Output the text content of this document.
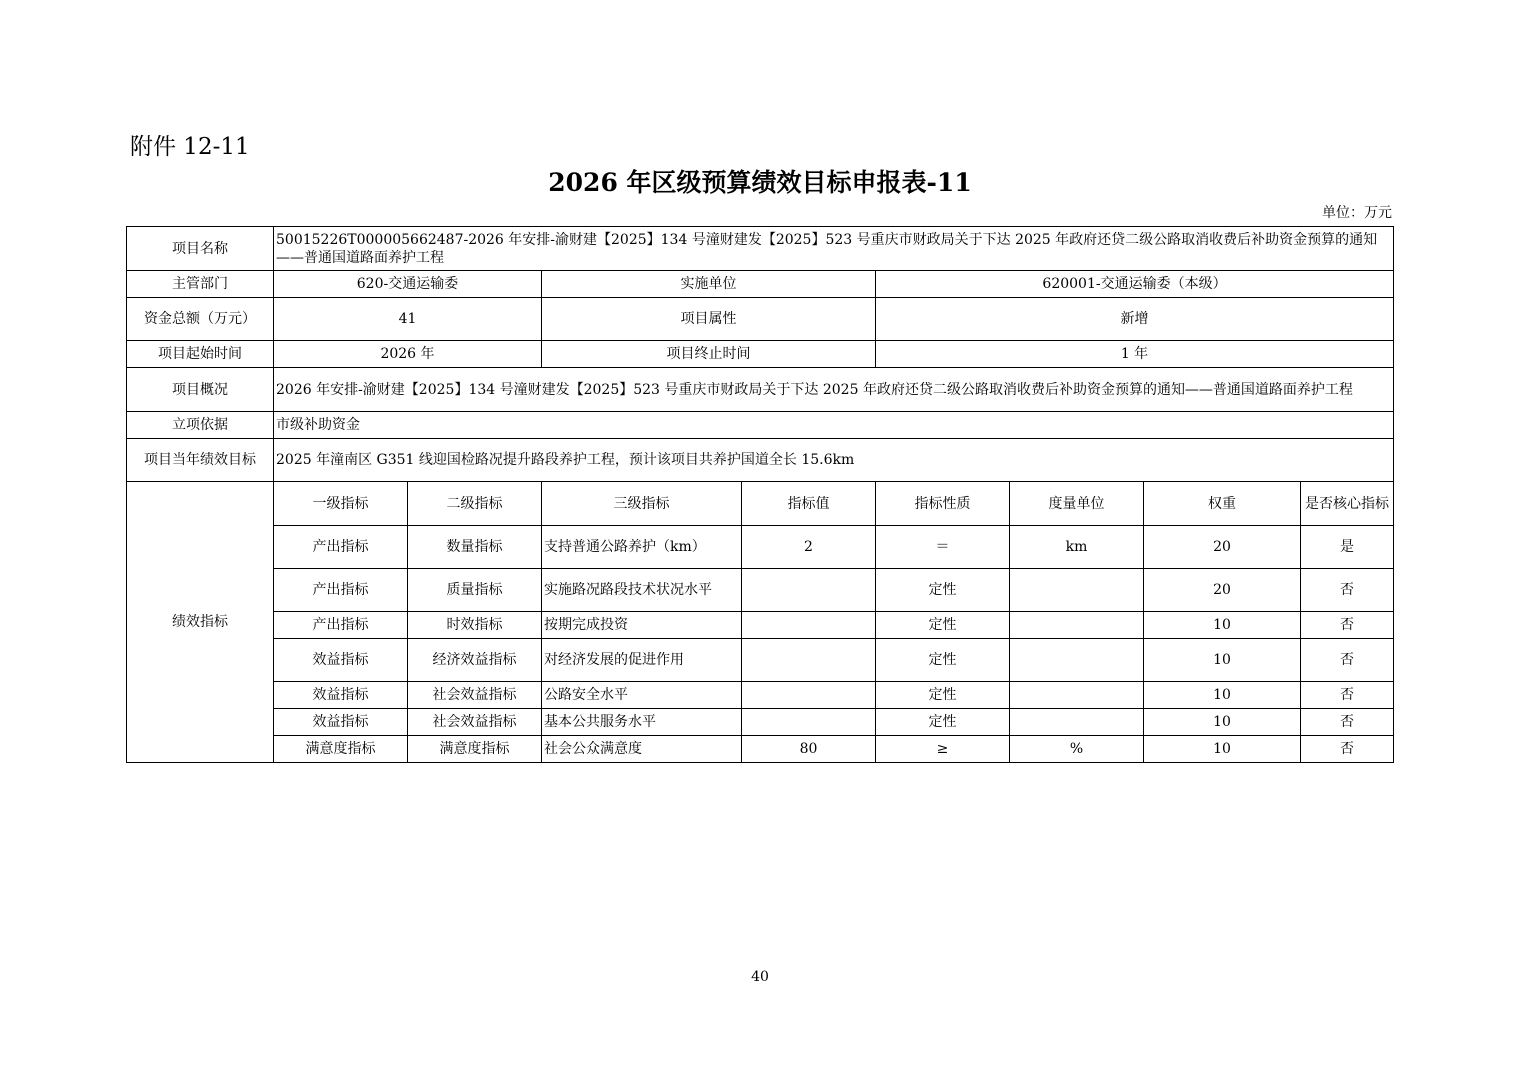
附件 12-11
2026 年区级预算绩效目标申报表-11
单位：万元
项目名称	50015226T000005662487-2026 年安排-渝财建【2025】134 号潼财建发【2025】523 号重庆市财政局关于下达 2025 年政府还贷二级公路取消收费后补助资金预算的通知——普通国道路面养护工程							
主管部门	620-交通运输委		实施单位		620001-交通运输委（本级）			
资金总额（万元）	41		项目属性		新增			
项目起始时间	2026 年		项目终止时间		1 年			
项目概况	2026 年安排-渝财建【2025】134 号潼财建发【2025】523 号重庆市财政局关于下达 2025 年政府还贷二级公路取消收费后补助资金预算的通知——普通国道路面养护工程							
立项依据	市级补助资金							
项目当年绩效目标	2025 年潼南区 G351 线迎国检路况提升路段养护工程，预计该项目共养护国道全长 15.6km							
绩效指标	一级指标	二级指标	三级指标	指标值	指标性质	度量单位	权重	是否核心指标
	产出指标	数量指标	支持普通公路养护（km）	2	＝	km	20	是
	产出指标	质量指标	实施路况路段技术状况水平		定性		20	否
	产出指标	时效指标	按期完成投资		定性		10	否
	效益指标	经济效益指标	对经济发展的促进作用		定性		10	否
	效益指标	社会效益指标	公路安全水平		定性		10	否
	效益指标	社会效益指标	基本公共服务水平		定性		10	否
	满意度指标	满意度指标	社会公众满意度	80	≥	%	10	否
40
